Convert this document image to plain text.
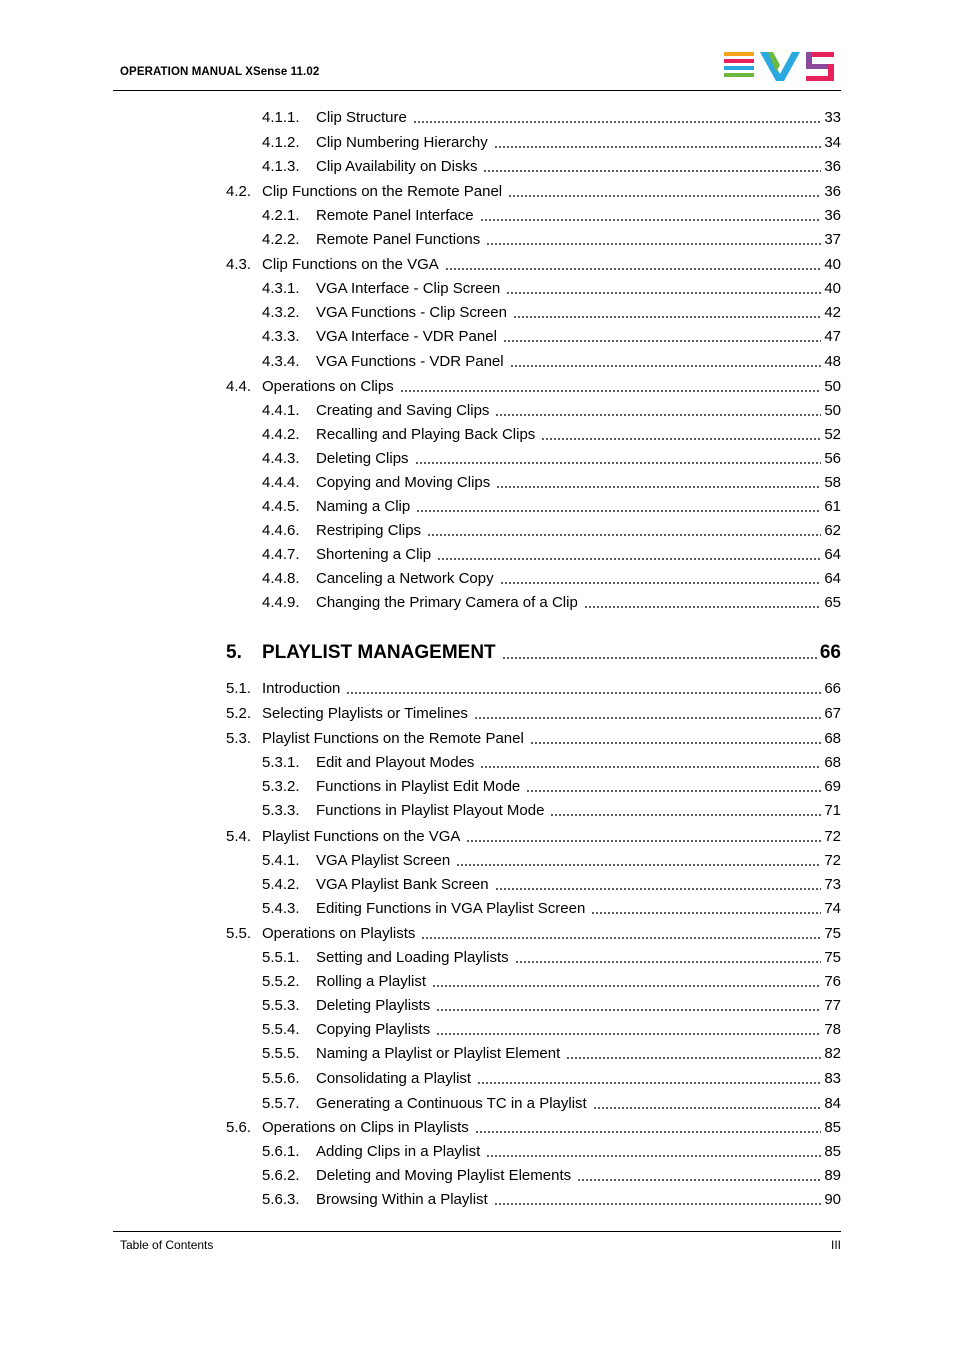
OPERATION MANUAL XSense 11.02
4.1.1. Clip Structure	33
4.1.2. Clip Numbering Hierarchy	34
4.1.3. Clip Availability on Disks	36
4.2. Clip Functions on the Remote Panel	36
4.2.1. Remote Panel Interface	36
4.2.2. Remote Panel Functions	37
4.3. Clip Functions on the VGA	40
4.3.1. VGA Interface - Clip Screen	40
4.3.2. VGA Functions - Clip Screen	42
4.3.3. VGA Interface - VDR Panel	47
4.3.4. VGA Functions - VDR Panel	48
4.4. Operations on Clips	50
4.4.1. Creating and Saving Clips	50
4.4.2. Recalling and Playing Back Clips	52
4.4.3. Deleting Clips	56
4.4.4. Copying and Moving Clips	58
4.4.5. Naming a Clip	61
4.4.6. Restriping Clips	62
4.4.7. Shortening a Clip	64
4.4.8. Canceling a Network Copy	64
4.4.9. Changing the Primary Camera of a Clip	65
5. PLAYLIST MANAGEMENT	66
5.1. Introduction	66
5.2. Selecting Playlists or Timelines	67
5.3. Playlist Functions on the Remote Panel	68
5.3.1. Edit and Playout Modes	68
5.3.2. Functions in Playlist Edit Mode	69
5.3.3. Functions in Playlist Playout Mode	71
5.4. Playlist Functions on the VGA	72
5.4.1. VGA Playlist Screen	72
5.4.2. VGA Playlist Bank Screen	73
5.4.3. Editing Functions in VGA Playlist Screen	74
5.5. Operations on Playlists	75
5.5.1. Setting and Loading Playlists	75
5.5.2. Rolling a Playlist	76
5.5.3. Deleting Playlists	77
5.5.4. Copying Playlists	78
5.5.5. Naming a Playlist or Playlist Element	82
5.5.6. Consolidating a Playlist	83
5.5.7. Generating a Continuous TC in a Playlist	84
5.6. Operations on Clips in Playlists	85
5.6.1. Adding Clips in a Playlist	85
5.6.2. Deleting and Moving Playlist Elements	89
5.6.3. Browsing Within a Playlist	90
Table of Contents	III
